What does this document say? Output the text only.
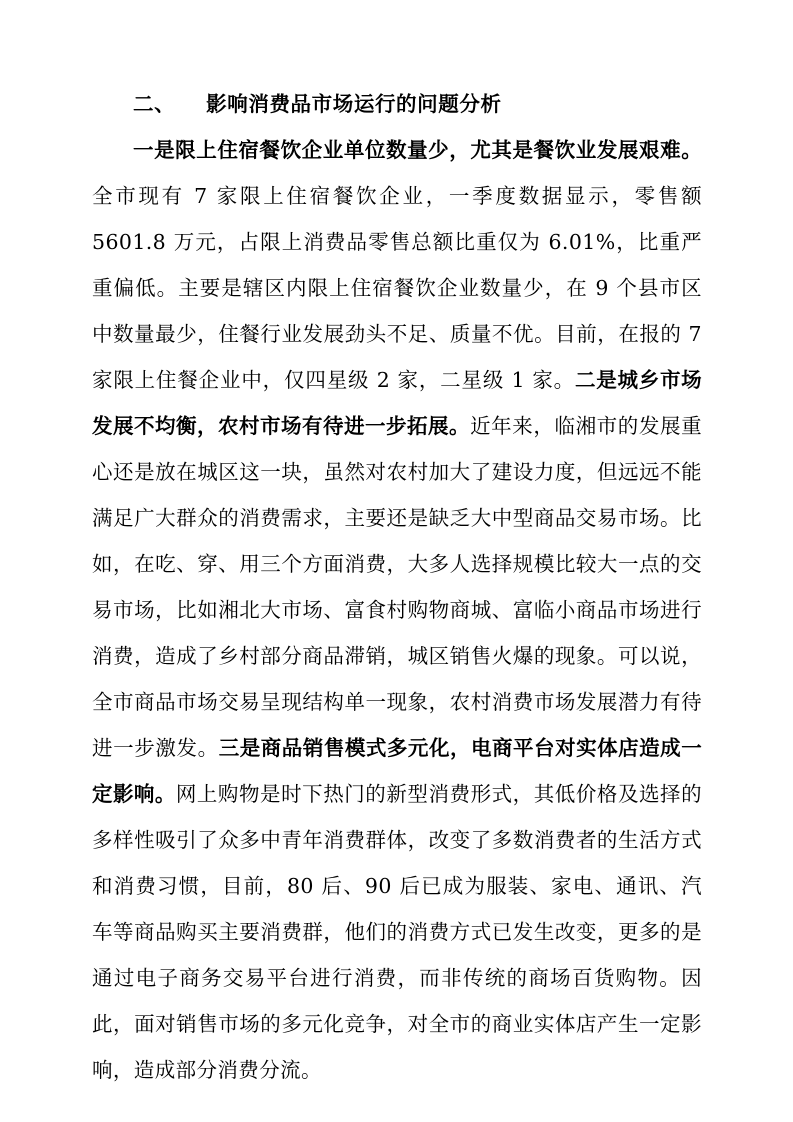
二、    影响消费品市场运行的问题分析

一是限上住宿餐饮企业单位数量少，尤其是餐饮业发展艰难。全市现有 7 家限上住宿餐饮企业，一季度数据显示，零售额 5601.8 万元，占限上消费品零售总额比重仅为 6.01%，比重严重偏低。主要是辖区内限上住宿餐饮企业数量少，在 9 个县市区中数量最少，住餐行业发展劲头不足、质量不优。目前，在报的 7 家限上住餐企业中，仅四星级 2 家，二星级 1 家。二是城乡市场发展不均衡，农村市场有待进一步拓展。近年来，临湘市的发展重心还是放在城区这一块，虽然对农村加大了建设力度，但远远不能满足广大群众的消费需求，主要还是缺乏大中型商品交易市场。比如，在吃、穿、用三个方面消费，大多人选择规模比较大一点的交易市场，比如湘北大市场、富食村购物商城、富临小商品市场进行消费，造成了乡村部分商品滞销，城区销售火爆的现象。可以说，全市商品市场交易呈现结构单一现象，农村消费市场发展潜力有待进一步激发。三是商品销售模式多元化，电商平台对实体店造成一定影响。网上购物是时下热门的新型消费形式，其低价格及选择的多样性吸引了众多中青年消费群体，改变了多数消费者的生活方式和消费习惯，目前，80 后、90 后已成为服装、家电、通讯、汽车等商品购买主要消费群，他们的消费方式已发生改变，更多的是通过电子商务交易平台进行消费，而非传统的商场百货购物。因此，面对销售市场的多元化竞争，对全市的商业实体店产生一定影响，造成部分消费分流。
